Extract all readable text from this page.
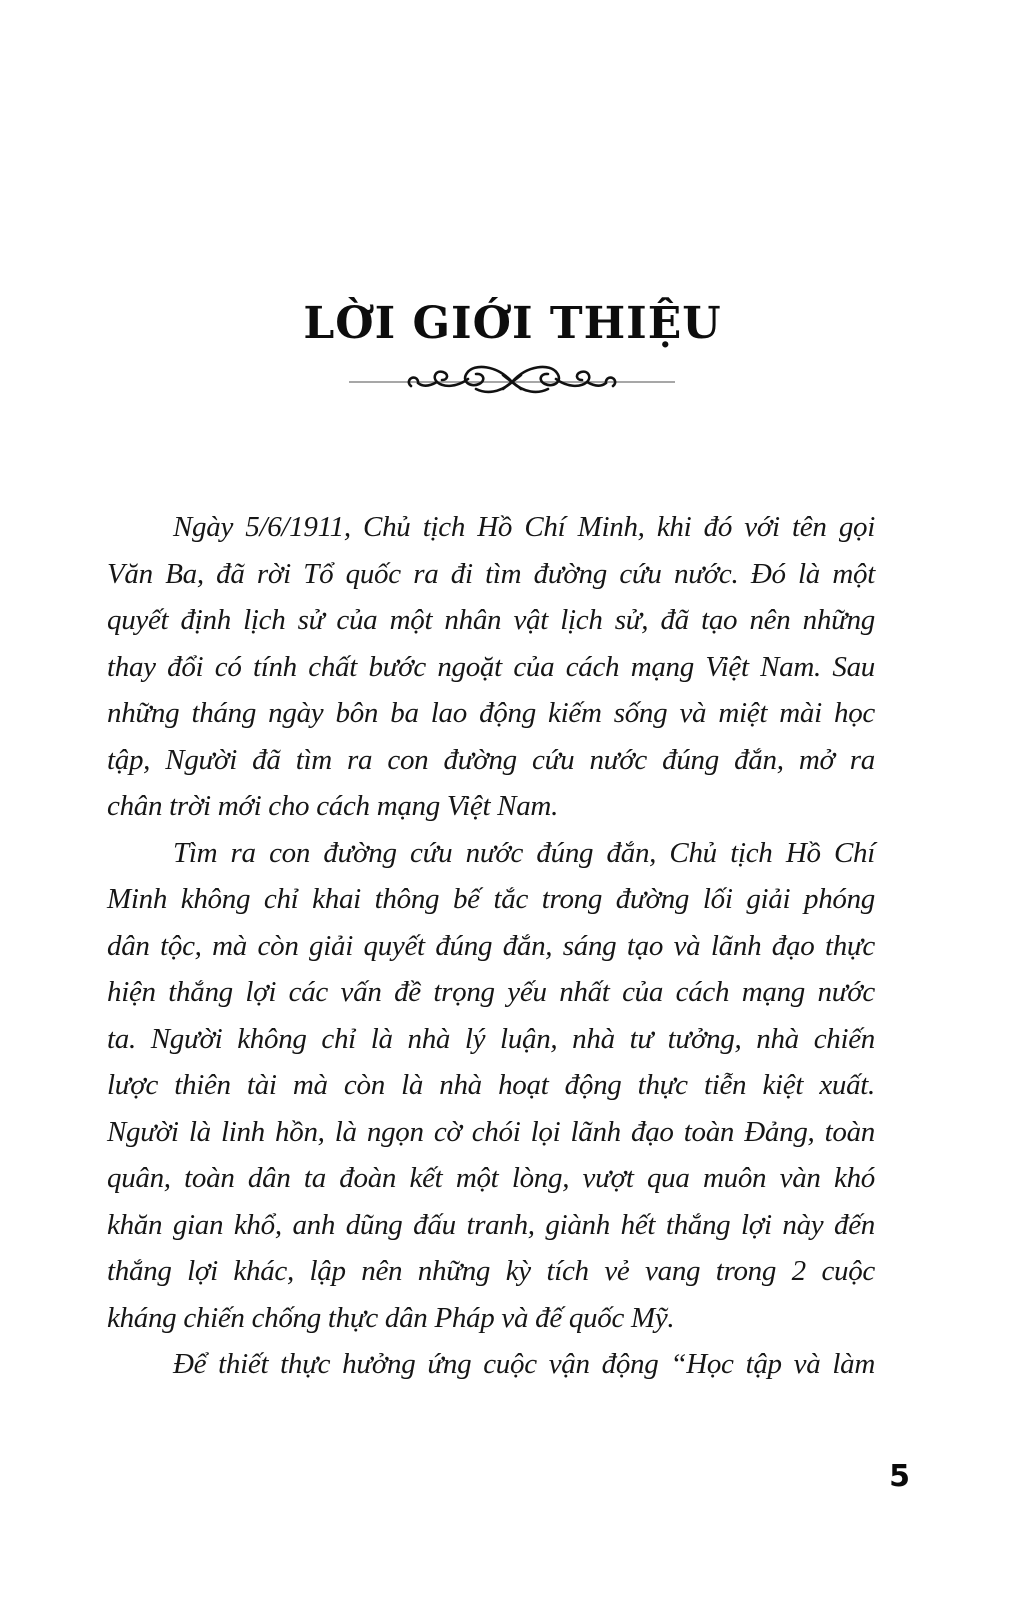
LỜI GIỚI THIỆU
Ngày 5/6/1911, Chủ tịch Hồ Chí Minh, khi đó với tên gọi
Văn Ba, đã rời Tổ quốc ra đi tìm đường cứu nước. Đó là một
quyết định lịch sử của một nhân vật lịch sử, đã tạo nên những
thay đổi có tính chất bước ngoặt của cách mạng Việt Nam. Sau
những tháng ngày bôn ba lao động kiếm sống và miệt mài học
tập, Người đã tìm ra con đường cứu nước đúng đắn, mở ra
chân trời mới cho cách mạng Việt Nam.
Tìm ra con đường cứu nước đúng đắn, Chủ tịch Hồ Chí
Minh không chỉ khai thông bế tắc trong đường lối giải phóng
dân tộc, mà còn giải quyết đúng đắn, sáng tạo và lãnh đạo thực
hiện thắng lợi các vấn đề trọng yếu nhất của cách mạng nước
ta. Người không chỉ là nhà lý luận, nhà tư tưởng, nhà chiến
lược thiên tài mà còn là nhà hoạt động thực tiễn kiệt xuất.
Người là linh hồn, là ngọn cờ chói lọi lãnh đạo toàn Đảng, toàn
quân, toàn dân ta đoàn kết một lòng, vượt qua muôn vàn khó
khăn gian khổ, anh dũng đấu tranh, giành hết thắng lợi này đến
thắng lợi khác, lập nên những kỳ tích vẻ vang trong 2 cuộc
kháng chiến chống thực dân Pháp và đế quốc Mỹ.
Để thiết thực hưởng ứng cuộc vận động “Học tập và làm
5
